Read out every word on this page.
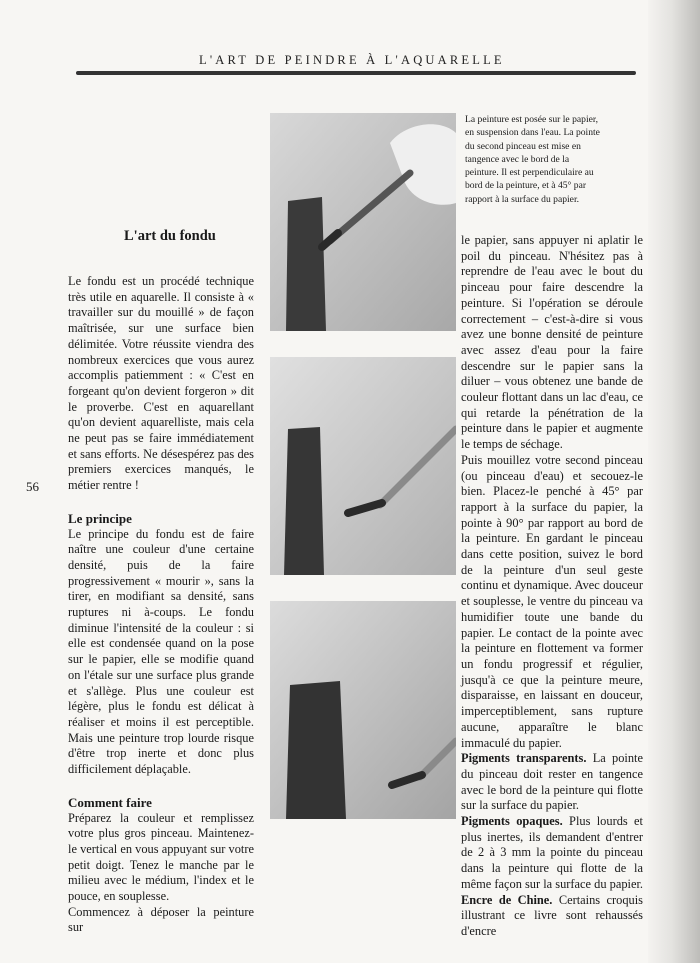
L'ART DE PEINDRE À L'AQUARELLE
56
L'art du fondu

Le fondu est un procédé technique très utile en aquarelle. Il consiste à « travailler sur du mouillé » de façon maîtrisée, sur une surface bien délimitée. Votre réussite viendra des nombreux exercices que vous aurez accomplis patiemment : « C'est en forgeant qu'on devient forgeron » dit le proverbe. C'est en aquarellant qu'on devient aquarelliste, mais cela ne peut pas se faire immédiatement et sans efforts. Ne désespérez pas des premiers exercices manqués, le métier rentre !

Le principe

Le principe du fondu est de faire naître une couleur d'une certaine densité, puis de la faire progressivement « mourir », sans la tirer, en modifiant sa densité, sans ruptures ni à-coups. Le fondu diminue l'intensité de la couleur : si elle est condensée quand on la pose sur le papier, elle se modifie quand on l'étale sur une surface plus grande et s'allège. Plus une couleur est légère, plus le fondu est délicat à réaliser et moins il est perceptible. Mais une peinture trop lourde risque d'être trop inerte et donc plus difficilement déplaçable.

Comment faire

Préparez la couleur et remplissez votre plus gros pinceau. Maintenez-le vertical en vous appuyant sur votre petit doigt. Tenez le manche par le milieu avec le médium, l'index et le pouce, en souplesse.

Commencez à déposer la peinture sur

La peinture est posée sur le papier, en suspension dans l'eau. La pointe du second pinceau est mise en tangence avec le bord de la peinture. Il est perpendiculaire au bord de la peinture, et à 45° par rapport à la surface du papier.

le papier, sans appuyer ni aplatir le poil du pinceau. N'hésitez pas à reprendre de l'eau avec le bout du pinceau pour faire descendre la peinture. Si l'opération se déroule correctement – c'est-à-dire si vous avez une bonne densité de peinture avec assez d'eau pour la faire descendre sur le papier sans la diluer – vous obtenez une bande de couleur flottant dans un lac d'eau, ce qui retarde la pénétration de la peinture dans le papier et augmente le temps de séchage.

Puis mouillez votre second pinceau (ou pinceau d'eau) et secouez-le bien. Placez-le penché à 45° par rapport à la surface du papier, la pointe à 90° par rapport au bord de la peinture. En gardant le pinceau dans cette position, suivez le bord de la peinture d'un seul geste continu et dynamique. Avec douceur et souplesse, le ventre du pinceau va humidifier toute une bande du papier. Le contact de la pointe avec la peinture en flottement va former un fondu progressif et régulier, jusqu'à ce que la peinture meure, disparaisse, en laissant en douceur, imperceptiblement, sans rupture aucune, apparaître le blanc immaculé du papier.

Pigments transparents. La pointe du pinceau doit rester en tangence avec le bord de la peinture qui flotte sur la surface du papier.

Pigments opaques. Plus lourds et plus inertes, ils demandent d'entrer de 2 à 3 mm la pointe du pinceau dans la peinture qui flotte de la même façon sur la surface du papier.

Encre de Chine. Certains croquis illustrant ce livre sont rehaussés d'encre
